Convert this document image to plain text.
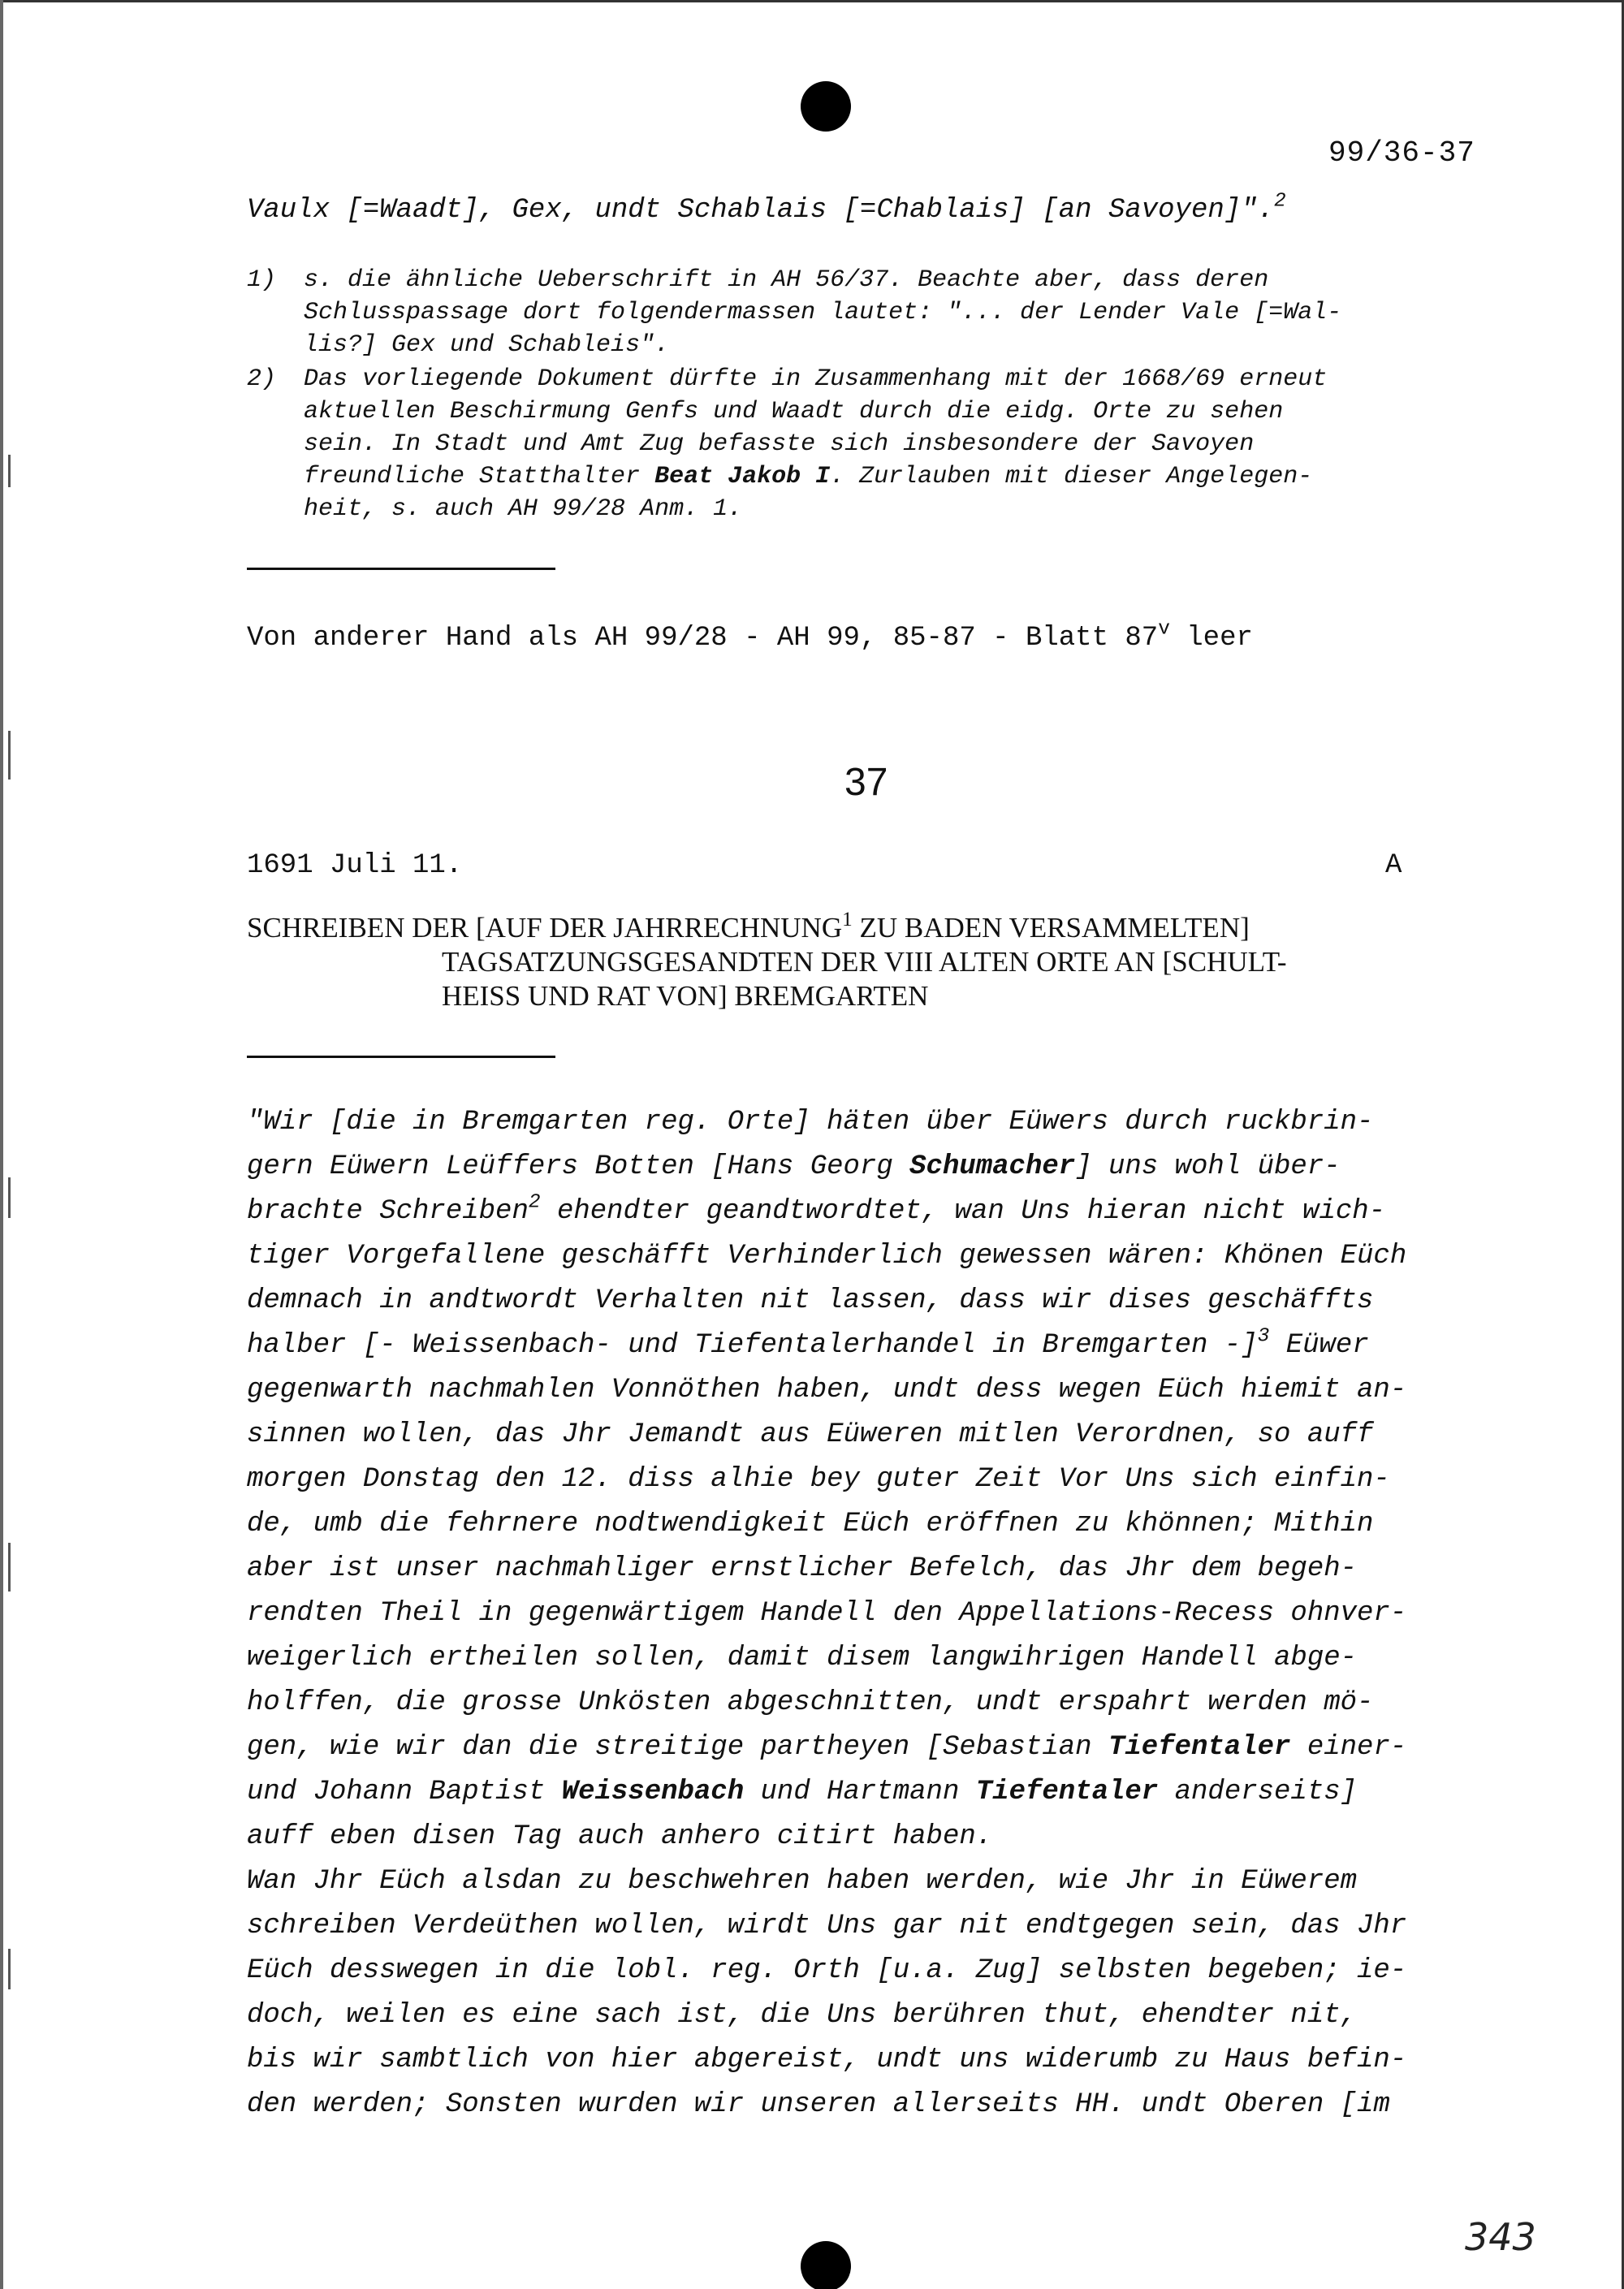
99/36-37
Vaulx [=Waadt], Gex, undt Schablais [=Chablais] [an Savoyen]".$^2$
1) s. die ähnliche Ueberschrift in AH 56/37. Beachte aber, dass deren
Schlusspassage dort folgendermassen lautet: "... der Lender Vale [=Wal-
lis?] Gex und Schableis".
2) Das vorliegende Dokument dürfte in Zusammenhang mit der 1668/69 erneut
aktuellen Beschirmung Genfs und Waadt durch die eidg. Orte zu sehen
sein. In Stadt und Amt Zug befasste sich insbesondere der Savoyen
freundliche Statthalter Beat Jakob I. Zurlauben mit dieser Angelegen-
heit, s. auch AH 99/28 Anm. 1.
Von anderer Hand als AH 99/28 - AH 99, 85-87 - Blatt 87$^v$ leer
37
1691 Juli 11.	A
SCHREIBEN DER [AUF DER JAHRRECHNUNG$^1$ ZU BADEN VERSAMMELTEN]
TAGSATZUNGSGESANDTEN DER VIII ALTEN ORTE AN [SCHULT-
HEISS UND RAT VON] BREMGARTEN
"Wir [die in Bremgarten reg. Orte] häten über Eüwers durch ruckbrin-
gern Eüwern Leüffers Botten [Hans Georg Schumacher] uns wohl über-
brachte Schreiben$^2$ ehendter geandtwordtet, wan Uns hieran nicht wich-
tiger Vorgefallene geschäfft Verhinderlich gewessen wären: Khönen Eüch
demnach in andtwordt Verhalten nit lassen, dass wir dises geschäffts
halber [- Weissenbach- und Tiefentalerhandel in Bremgarten -]$^3$ Eüwer
gegenwarth nachmahlen Vonnöthen haben, undt dess wegen Eüch hiemit an-
sinnen wollen, das Jhr Jemandt aus Eüweren mitlen Verordnen, so auff
morgen Donstag den 12. diss alhie bey guter Zeit Vor Uns sich einfin-
de, umb die fehrnere nodtwendigkeit Eüch eröffnen zu khönnen; Mithin
aber ist unser nachmahliger ernstlicher Befelch, das Jhr dem begeh-
rendten Theil in gegenwärtigem Handell den Appellations-Recess ohnver-
weigerlich ertheilen sollen, damit disem langwihrigen Handell abge-
holffen, die grosse Unkösten abgeschnitten, undt erspahrt werden mö-
gen, wie wir dan die streitige partheyen [Sebastian Tiefentaler einer-
und Johann Baptist Weissenbach und Hartmann Tiefentaler anderseits]
auff eben disen Tag auch anhero citirt haben.
Wan Jhr Eüch alsdan zu beschwehren haben werden, wie Jhr in Eüwerem
schreiben Verdeüthen wollen, wirdt Uns gar nit endtgegen sein, das Jhr
Eüch desswegen in die lobl. reg. Orth [u.a. Zug] selbsten begeben; ie-
doch, weilen es eine sach ist, die Uns berühren thut, ehendter nit,
bis wir sambtlich von hier abgereist, undt uns widerumb zu Haus befin-
den werden; Sonsten wurden wir unseren allerseits HH. undt Oberen [im
343
